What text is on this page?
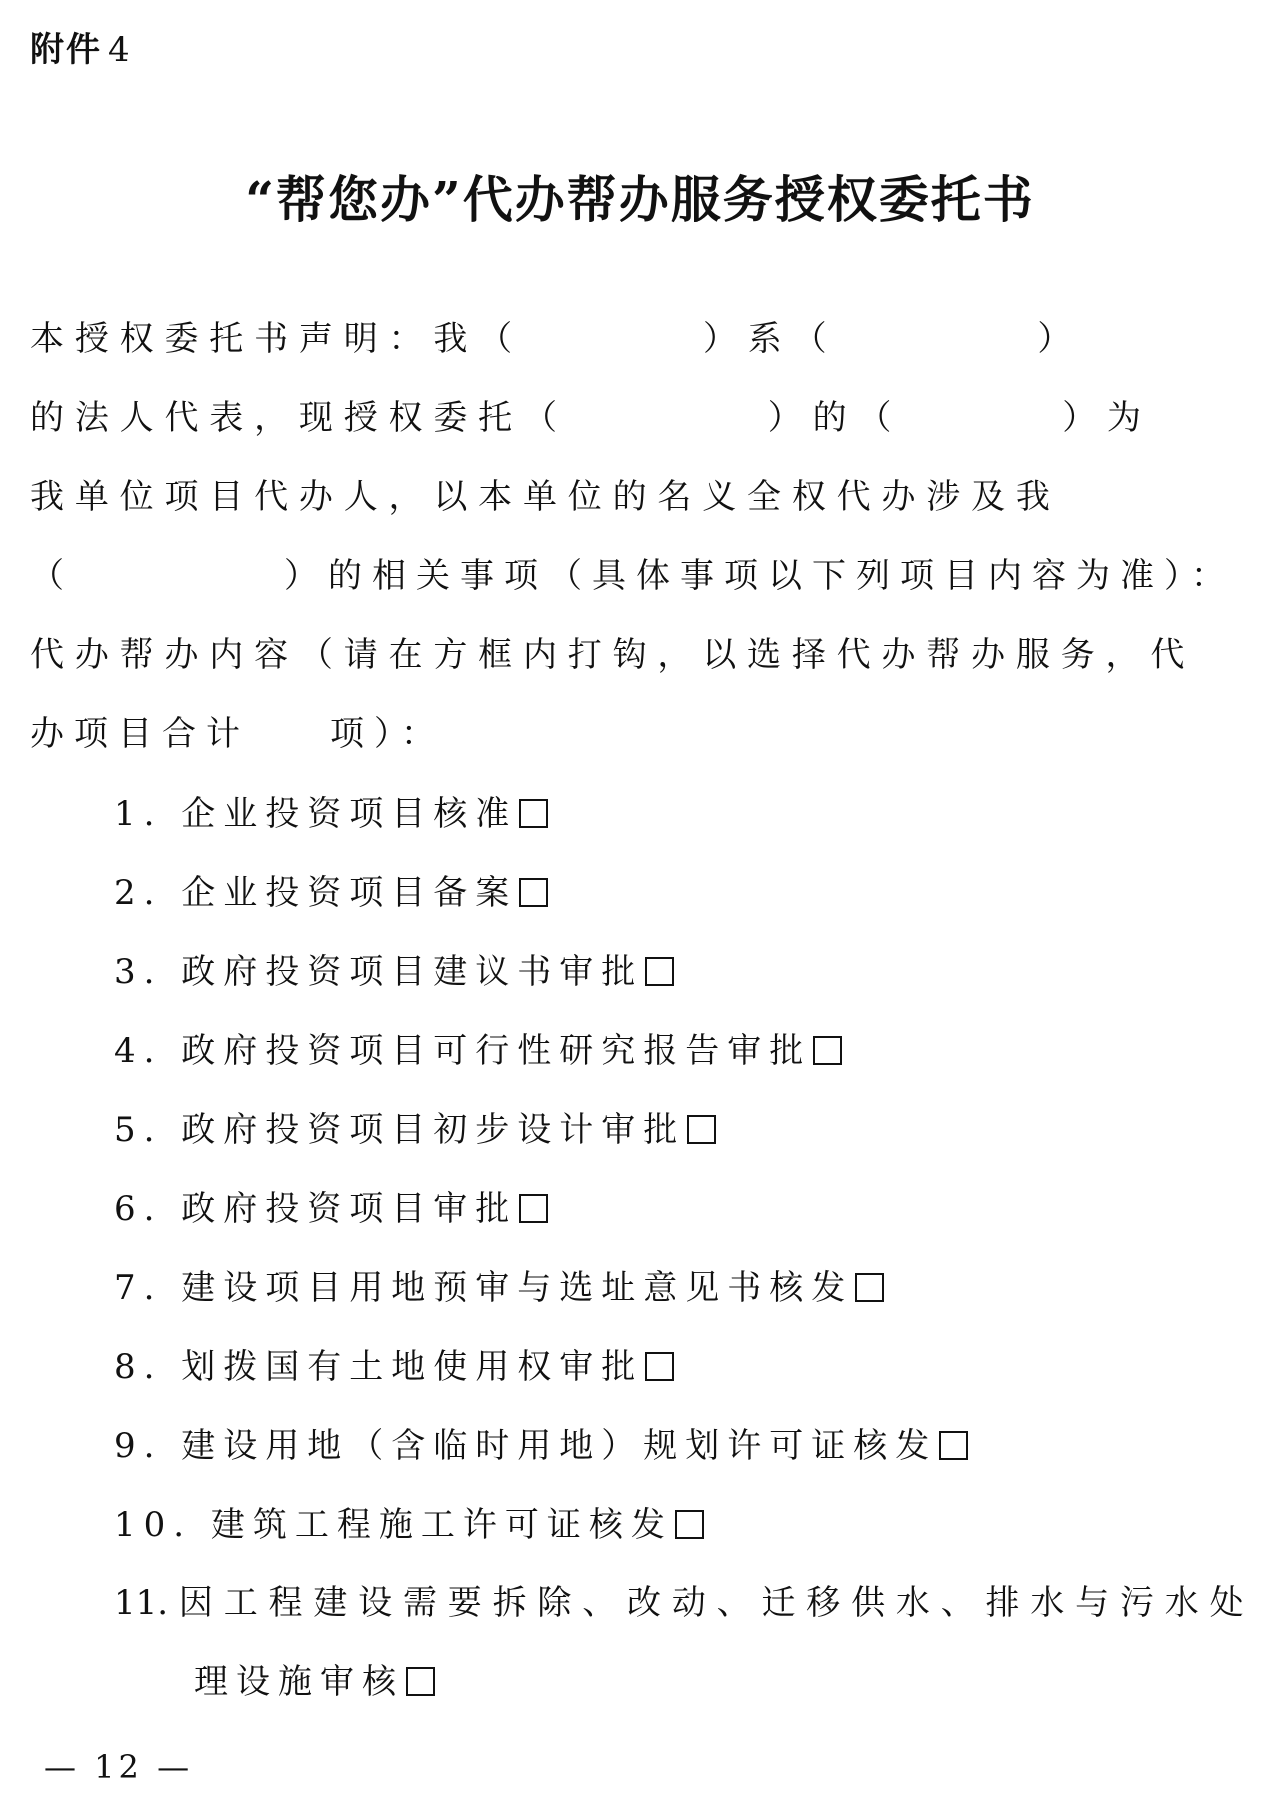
附件 4
“帮您办”代办帮办服务授权委托书
本 授 权 委 托 书 声 明 ： 我 （	） 系 （	）
的 法 人 代 表 ， 现 授 权 委 托 （	） 的 （	） 为
我 单 位 项 目 代 办 人 ， 以 本 单 位 的 名 义 全 权 代 办 涉 及 我
（	）的相关事项（具体事项以下列项目内容为准）：
代 办 帮 办 内 容 （ 请 在 方 框 内 打 钩 ， 以 选 择 代 办 帮 办 服 务 ， 代
办项目合计 项）：
1. 企业投资项目核准
2. 企业投资项目备案
3. 政府投资项目建议书审批
4. 政府投资项目可行性研究报告审批
5. 政府投资项目初步设计审批
6. 政府投资项目审批
7. 建设项目用地预审与选址意见书核发
8. 划拨国有土地使用权审批
9. 建设用地（含临时用地）规划许可证核发
10. 建筑工程施工许可证核发
11. 因 工 程 建 设 需 要 拆 除 、 改 动 、 迁 移 供 水 、 排 水 与 污 水 处
理设施审核
— 12 —
